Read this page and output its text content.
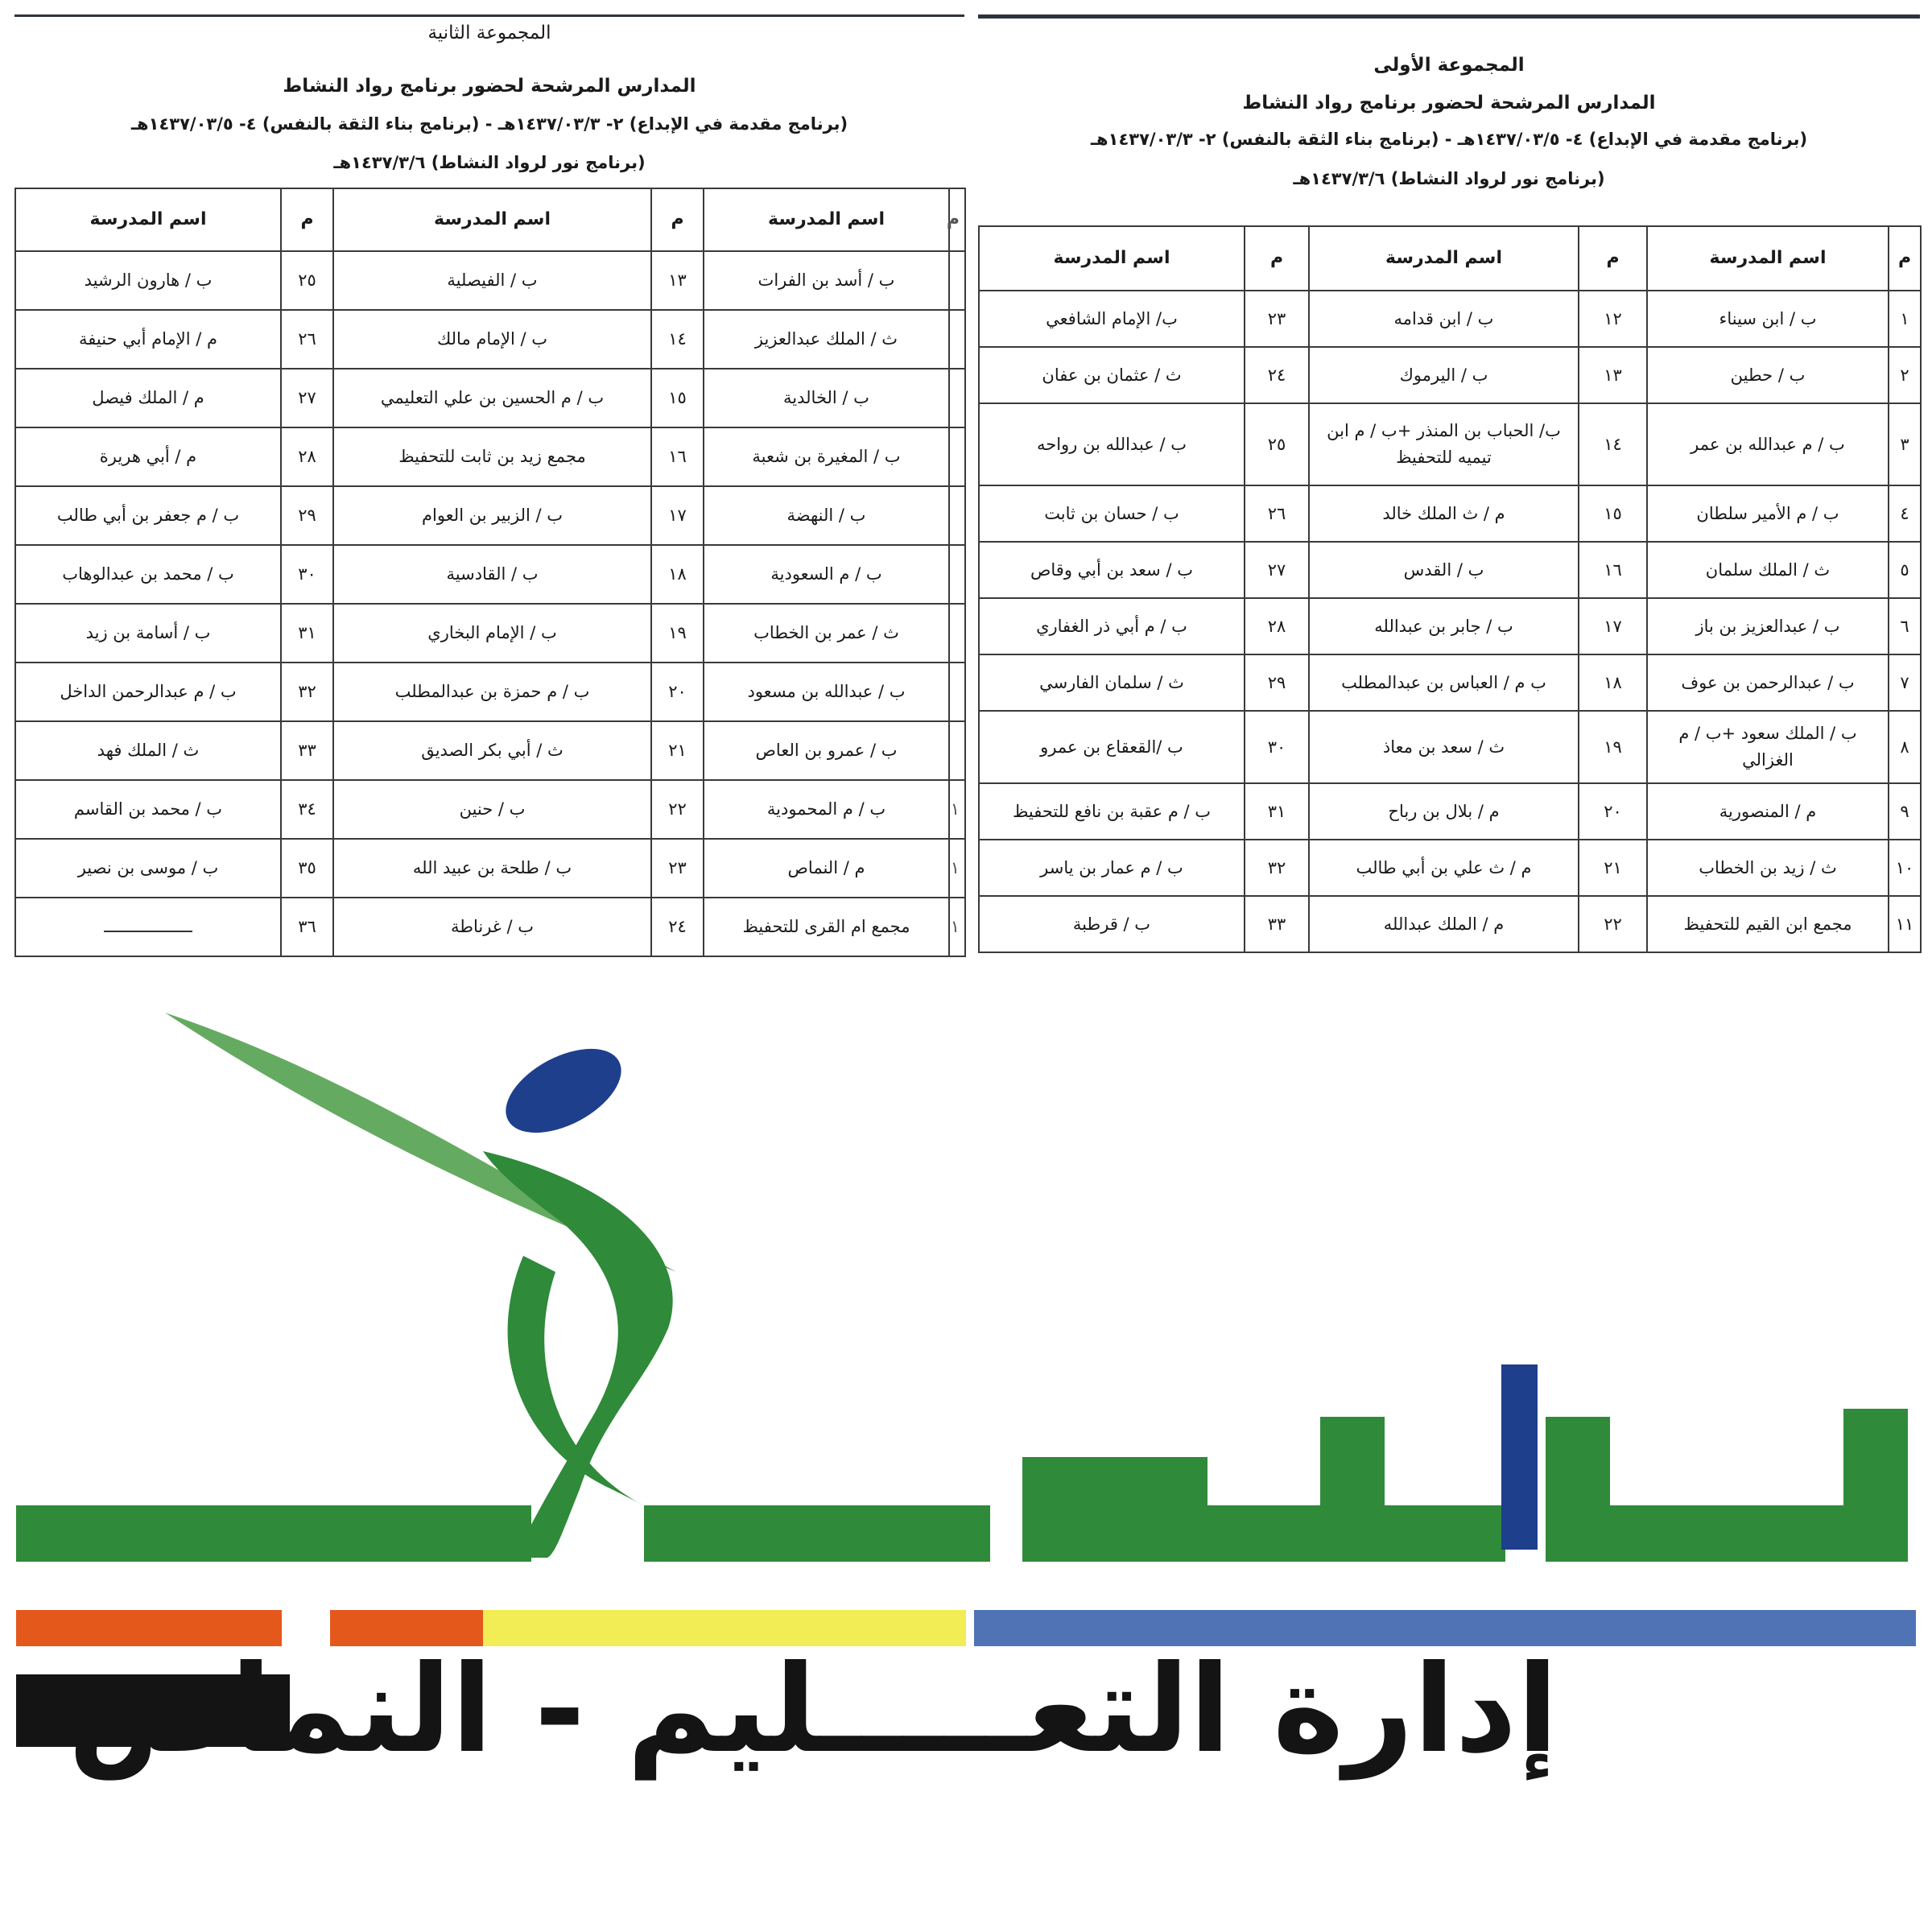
المجموعة الأولى
المدارس المرشحة لحضور برنامج رواد النشاط
(برنامج مقدمة في الإبداع) ٤- ١٤٣٧/٠٣/٥هـ - (برنامج بناء الثقة بالنفس) ٢- ١٤٣٧/٠٣/٣هـ
(برنامج نور لرواد النشاط) ١٤٣٧/٣/٦هـ
م	اسم المدرسة	م	اسم المدرسة	م	اسم المدرسة
١	ب / ابن سيناء	١٢	ب / ابن قدامه	٢٣	ب/ الإمام الشافعي
٢	ب / حطين	١٣	ب / اليرموك	٢٤	ث / عثمان بن عفان
٣	ب / م عبدالله بن عمر	١٤	ب/ الحباب بن المنذر +ب / م ابن تيميه للتحفيظ	٢٥	ب / عبدالله بن رواحه
٤	ب / م الأمير سلطان	١٥	م / ث الملك خالد	٢٦	ب / حسان بن ثابت
٥	ث / الملك سلمان	١٦	ب / القدس	٢٧	ب / سعد بن أبي وقاص
٦	ب / عبدالعزيز بن باز	١٧	ب / جابر بن عبدالله	٢٨	ب / م أبي ذر الغفاري
٧	ب / عبدالرحمن بن عوف	١٨	ب م / العباس بن عبدالمطلب	٢٩	ث / سلمان الفارسي
٨	ب / الملك سعود +ب / م الغزالي	١٩	ث / سعد بن معاذ	٣٠	ب /القعقاع بن عمرو
٩	م / المنصورية	٢٠	م / بلال بن رباح	٣١	ب / م عقبة بن نافع للتحفيظ
١٠	ث / زيد بن الخطاب	٢١	م / ث علي بن أبي طالب	٣٢	ب / م عمار بن ياسر
١١	مجمع ابن القيم للتحفيظ	٢٢	م / الملك عبدالله	٣٣	ب / قرطبة
المجموعة الثانية
المدارس المرشحة لحضور برنامج رواد النشاط
(برنامج مقدمة في الإبداع) ٢- ١٤٣٧/٠٣/٣هـ - (برنامج بناء الثقة بالنفس) ٤- ١٤٣٧/٠٣/٥هـ
(برنامج نور لرواد النشاط) ١٤٣٧/٣/٦هـ
م	اسم المدرسة	م	اسم المدرسة	م	اسم المدرسة
	ب / أسد بن الفرات	١٣	ب / الفيصلية	٢٥	ب / هارون الرشيد
	ث / الملك عبدالعزيز	١٤	ب / الإمام مالك	٢٦	م / الإمام أبي حنيفة
	ب / الخالدية	١٥	ب / م الحسين بن علي التعليمي	٢٧	م / الملك فيصل
	ب / المغيرة بن شعبة	١٦	مجمع زيد بن ثابت للتحفيظ	٢٨	م / أبي هريرة
	ب / النهضة	١٧	ب / الزبير بن العوام	٢٩	ب / م جعفر بن أبي طالب
	ب / م السعودية	١٨	ب / القادسية	٣٠	ب / محمد بن عبدالوهاب
	ث / عمر بن الخطاب	١٩	ب / الإمام البخاري	٣١	ب / أسامة بن زيد
	ب / عبدالله بن مسعود	٢٠	ب / م حمزة بن عبدالمطلب	٣٢	ب / م عبدالرحمن الداخل
	ب / عمرو بن العاص	٢١	ث / أبي بكر الصديق	٣٣	ث / الملك فهد
١	ب / م المحمودية	٢٢	ب / حنين	٣٤	ب / محمد بن القاسم
١	م / النماص	٢٣	ب / طلحة بن عبيد الله	٣٥	ب / موسى بن نصير
١	مجمع ام القرى للتحفيظ	٢٤	ب / غرناطة	٣٦	
إدارة التعـــــليم - النماص
